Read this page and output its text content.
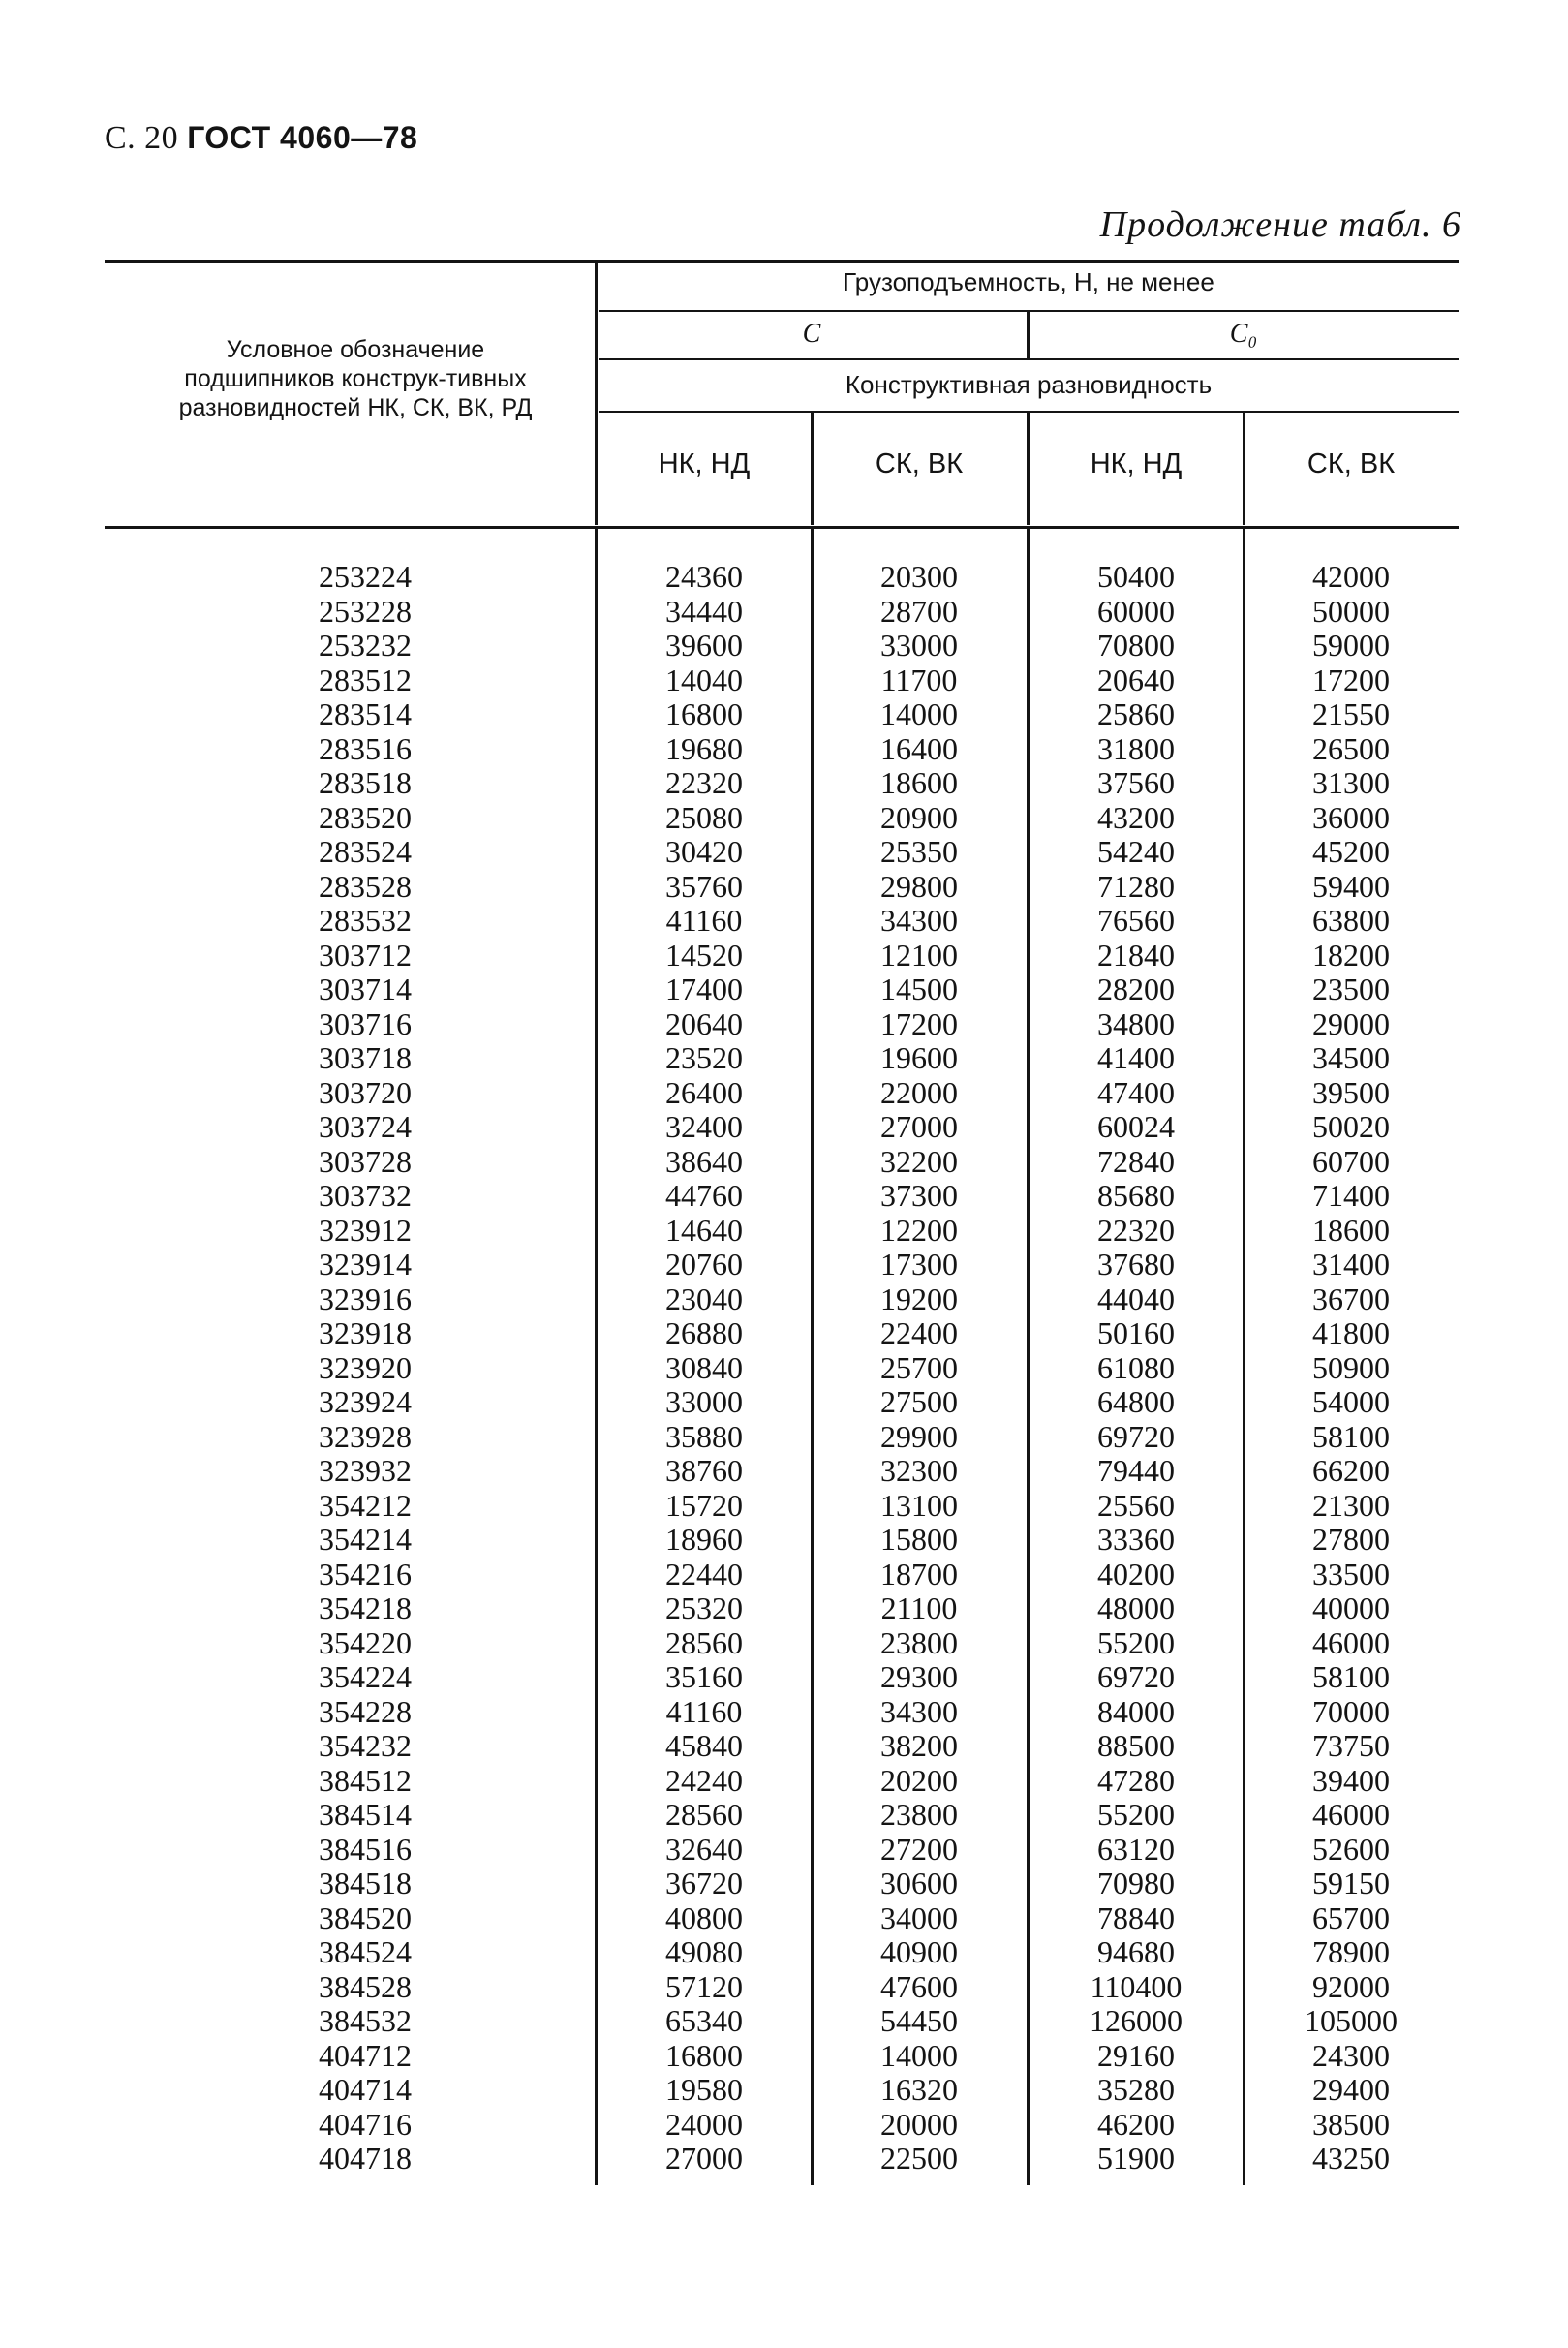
С. 20 ГОСТ 4060—78
Продолжение табл. 6
Условное обозначение подшипников конструк-тивных разновидностей НК, СК, ВК, РД
Грузоподъемность, Н, не менее
C	C₀
Конструктивная разновидность
НК, НД	СК, ВК	НК, НД	СК, ВК
253224	24360	20300	50400	42000
253228	34440	28700	60000	50000
253232	39600	33000	70800	59000
283512	14040	11700	20640	17200
283514	16800	14000	25860	21550
283516	19680	16400	31800	26500
283518	22320	18600	37560	31300
283520	25080	20900	43200	36000
283524	30420	25350	54240	45200
283528	35760	29800	71280	59400
283532	41160	34300	76560	63800
303712	14520	12100	21840	18200
303714	17400	14500	28200	23500
303716	20640	17200	34800	29000
303718	23520	19600	41400	34500
303720	26400	22000	47400	39500
303724	32400	27000	60024	50020
303728	38640	32200	72840	60700
303732	44760	37300	85680	71400
323912	14640	12200	22320	18600
323914	20760	17300	37680	31400
323916	23040	19200	44040	36700
323918	26880	22400	50160	41800
323920	30840	25700	61080	50900
323924	33000	27500	64800	54000
323928	35880	29900	69720	58100
323932	38760	32300	79440	66200
354212	15720	13100	25560	21300
354214	18960	15800	33360	27800
354216	22440	18700	40200	33500
354218	25320	21100	48000	40000
354220	28560	23800	55200	46000
354224	35160	29300	69720	58100
354228	41160	34300	84000	70000
354232	45840	38200	88500	73750
384512	24240	20200	47280	39400
384514	28560	23800	55200	46000
384516	32640	27200	63120	52600
384518	36720	30600	70980	59150
384520	40800	34000	78840	65700
384524	49080	40900	94680	78900
384528	57120	47600	110400	92000
384532	65340	54450	126000	105000
404712	16800	14000	29160	24300
404714	19580	16320	35280	29400
404716	24000	20000	46200	38500
404718	27000	22500	51900	43250
